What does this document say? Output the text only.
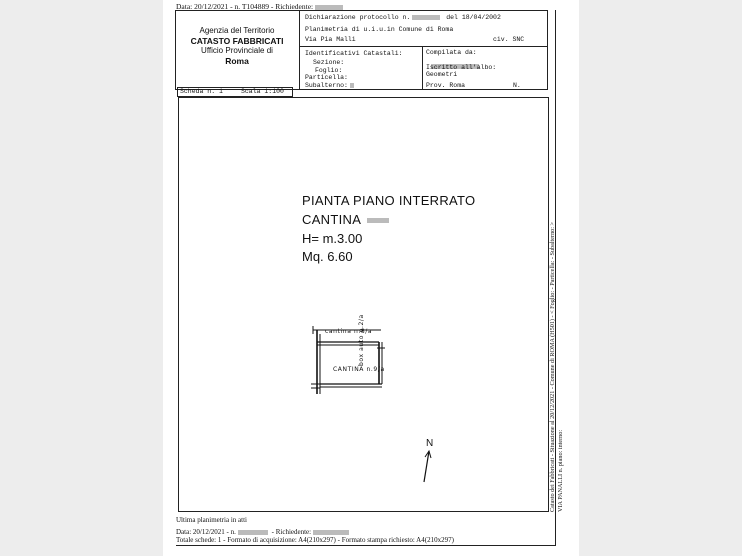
Data: 20/12/2021 - n. T104889 - Richiedente:
Agenzia del Territorio
CATASTO FABBRICATI
Ufficio Provinciale di
Roma
Dichiarazione protocollo n.	del 18/04/2002
Planimetria di u.i.u.in Comune di Roma
Via Pia Malli	civ. SNC
Identificativi Catastali:
Sezione:
Foglio:
Particella:
Subalterno:
Compilata da:
Iscritto all'albo:
Geometri
Prov. Roma	N.
Scheda n. 1	Scala 1:100
PIANTA PIANO INTERRATO
CANTINA
H= m.3.00
Mq. 6.60
cantina n.8/a
CANTINA n.9/a
box auto n.2/a
N	Catasto dei Fabbricati - Situazione al 20/12/2021 - Comune di ROMA (H501) - < Foglio: - Particella: - Subalterno: > VIA PANALLI n. piano: interno:
Ultima planimetria in atti
Data: 20/12/2021 - n.	- Richiedente:
Totale schede: 1 - Formato di acquisizione: A4(210x297) - Formato stampa richiesto: A4(210x297)
